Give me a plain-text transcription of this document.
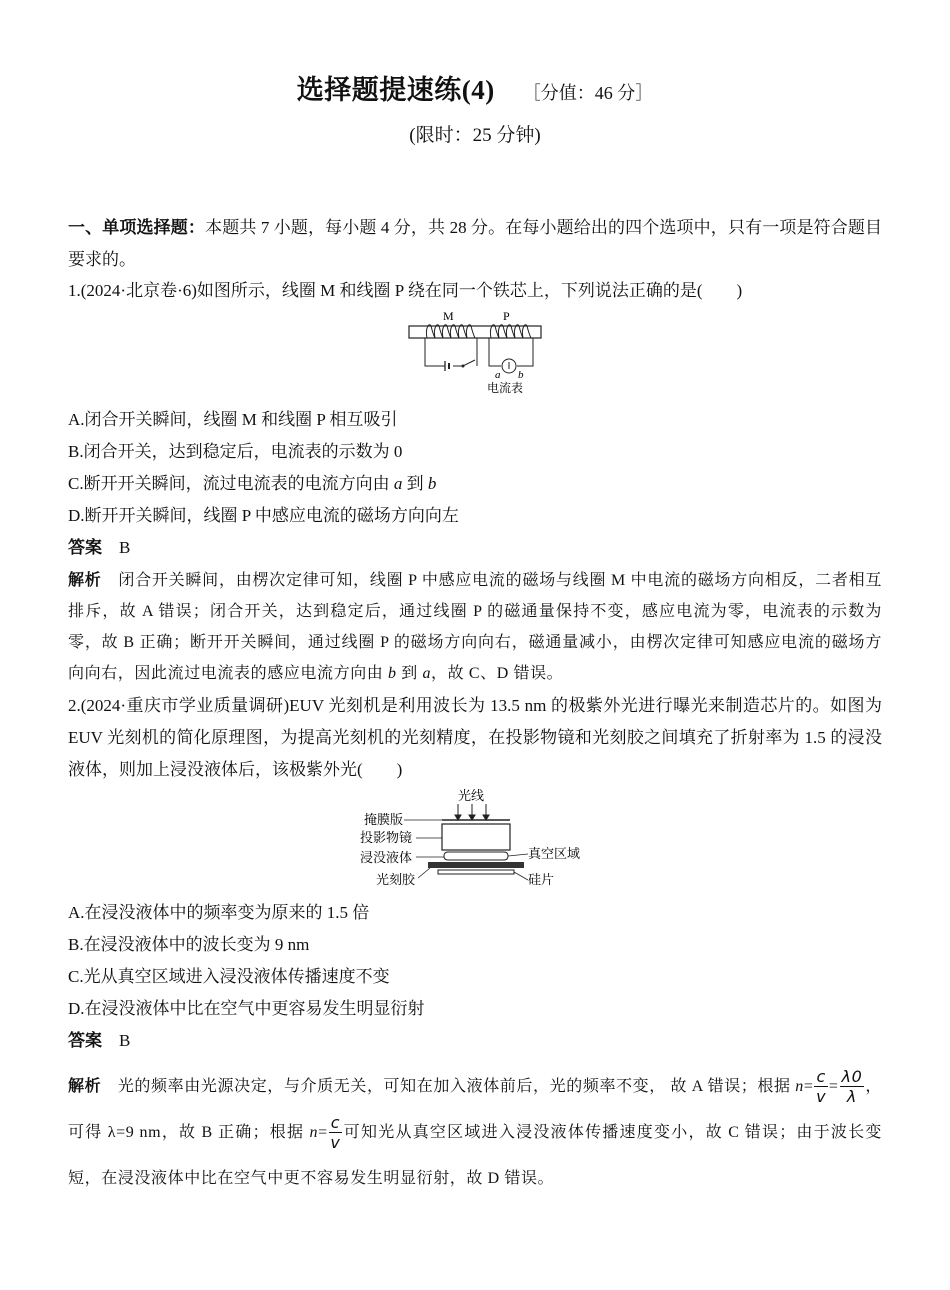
选择题提速练(4) ［分值：46 分］
(限时：25 分钟)
一、单项选择题：本题共 7 小题，每小题 4 分，共 28 分。在每小题给出的四个选项中，只有一项是符合题目要求的。
1.(2024·北京卷·6)如图所示，线圈 M 和线圈 P 绕在同一个铁芯上，下列说法正确的是(　　)
M	P
a b
电流表
A.闭合开关瞬间，线圈 M 和线圈 P 相互吸引
B.闭合开关，达到稳定后，电流表的示数为 0
C.断开开关瞬间，流过电流表的电流方向由 a 到 b
D.断开开关瞬间，线圈 P 中感应电流的磁场方向向左
答案　 B
解析　 闭合开关瞬间，由楞次定律可知，线圈 P 中感应电流的磁场与线圈 M 中电流的磁场方向相反，二者相互排斥，故 A 错误；闭合开关，达到稳定后，通过线圈 P 的磁通量保持不变，感应电流为零，电流表的示数为零，故 B 正确；断开开关瞬间，通过线圈 P 的磁场方向向右，磁通量减小，由楞次定律可知感应电流的磁场方向向右，因此流过电流表的感应电流方向由 b 到 a，故 C、D 错误。
2.(2024·重庆市学业质量调研)EUV 光刻机是利用波长为 13.5 nm 的极紫外光进行曝光来制造芯片的。如图为 EUV 光刻机的简化原理图，为提高光刻机的光刻精度，在投影物镜和光刻胶之间填充了折射率为 1.5 的浸没液体，则加上浸没液体后，该极紫外光(　　)
光线
掩膜版
投影物镜
浸没液体
光刻胶
真空区域
硅片
A.在浸没液体中的频率变为原来的 1.5 倍
B.在浸没液体中的波长变为 9 nm
C.光从真空区域进入浸没液体传播速度不变
D.在浸没液体中比在空气中更容易发生明显衍射
答案　 B
解析　 光的频率由光源决定，与介质无关，可知在加入液体前后，光的频率不变， 故 A 错误；根据 $n= \frac{c}{v} = \frac{\lambda 0}{\lambda}$ ，可得 λ=9 nm，故 B 正确；根据 $n= \frac{c}{v}$ 可知光从真空区域进入浸没液体传播速度变小，故 C 错误；由于波长变短，在浸没液体中比在空气中更不容易发生明显衍射，故 D 错误。
